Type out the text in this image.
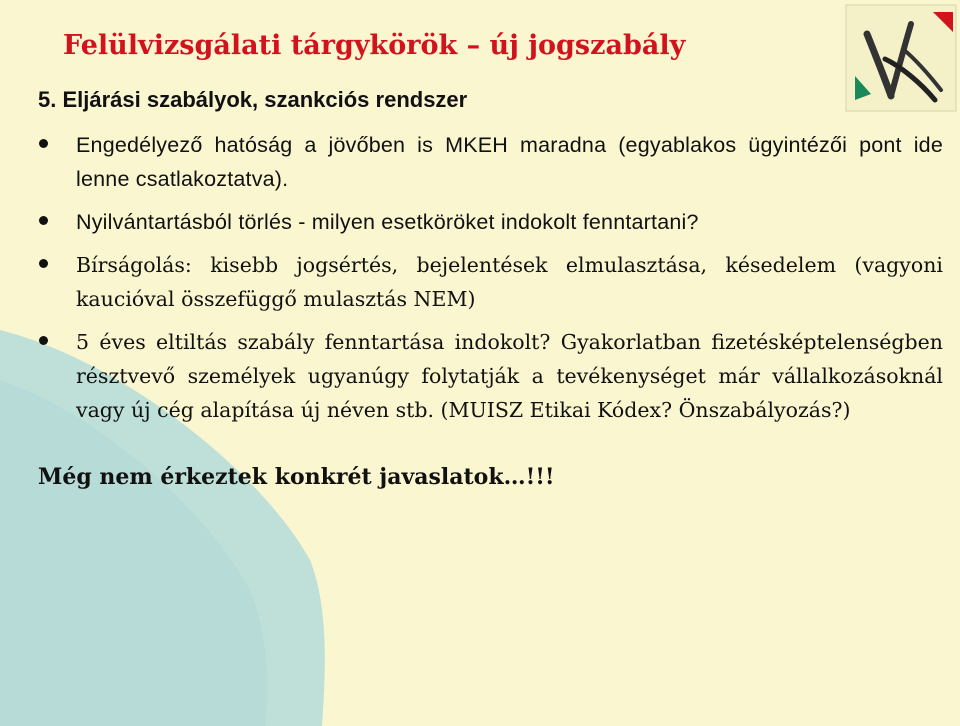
Felülvizsgálati tárgykörök – új jogszabály
5. Eljárási szabályok, szankciós rendszer
Engedélyező hatóság a jövőben is MKEH maradna (egyablakos ügyintézői pont ide lenne csatlakoztatva).
Nyilvántartásból törlés - milyen esetköröket indokolt fenntartani?
Bírságolás: kisebb jogsértés, bejelentések elmulasztása, késedelem (vagyoni kaucióval összefüggő mulasztás NEM)
5 éves eltiltás szabály fenntartása indokolt? Gyakorlatban fizetésképtelenségben résztvevő személyek ugyanúgy folytatják a tevékenységet már vállalkozásoknál vagy új cég alapítása új néven stb. (MUISZ Etikai Kódex? Önszabályozás?)
Még nem érkeztek konkrét javaslatok…!!!
